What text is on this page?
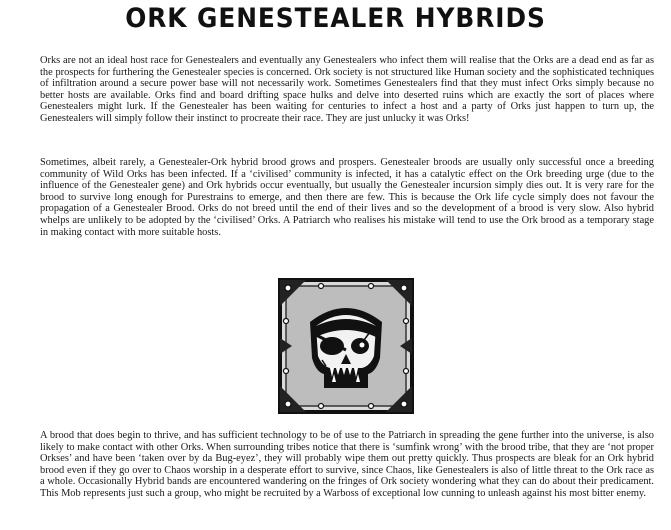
ORK GENESTEALER HYBRIDS

Orks are not an ideal host race for Genestealers and eventually any Genestealers who infect them will realise that the Orks are a dead end as far as the prospects for furthering the Genestealer species is concerned. Ork society is not structured like Human society and the sophisticated techniques of infiltration around a secure power base will not necessarily work. Sometimes Genestealers find that they must infect Orks simply because no better hosts are available. Orks find and board drifting space hulks and delve into deserted ruins which are exactly the sort of places where Genestealers might lurk. If the Genestealer has been waiting for centuries to infect a host and a party of Orks just happen to turn up, the Genestealers will simply follow their instinct to procreate their race. They are just unlucky it was Orks!

Sometimes, albeit rarely, a Genestealer-Ork hybrid brood grows and prospers. Genestealer broods are usually only successful once a breeding community of Wild Orks has been infected. If a ‘civilised’ community is infected, it has a catalytic effect on the Ork breeding urge (due to the influence of the Genestealer gene) and Ork hybrids occur eventually, but usually the Genestealer incursion simply dies out. It is very rare for the brood to survive long enough for Purestrains to emerge, and then there are few. This is because the Ork life cycle simply does not favour the propagation of a Genestealer Brood. Orks do not breed until the end of their lives and so the development of a brood is very slow. Also hybrid whelps are unlikely to be adopted by the ‘civilised’ Orks. A Patriarch who realises his mistake will tend to use the Ork brood as a temporary stage in making contact with more suitable hosts.

A brood that does begin to thrive, and has sufficient technology to be of use to the Patriarch in spreading the gene further into the universe, is also likely to make contact with other Orks. When surrounding tribes notice that there is ‘sumfink wrong’ with the brood tribe, that they are ‘not proper Orkses’ and have been ‘taken over by da Bug-eyez’, they will probably wipe them out pretty quickly. Thus prospects are bleak for an Ork hybrid brood even if they go over to Chaos worship in a desperate effort to survive, since Chaos, like Genestealers is also of little threat to the Ork race as a whole. Occasionally Hybrid bands are encountered wandering on the fringes of Ork society wondering what they can do about their predicament. This Mob represents just such a group, who might be recruited by a Warboss of exceptional low cunning to unleash against his most bitter enemy.
